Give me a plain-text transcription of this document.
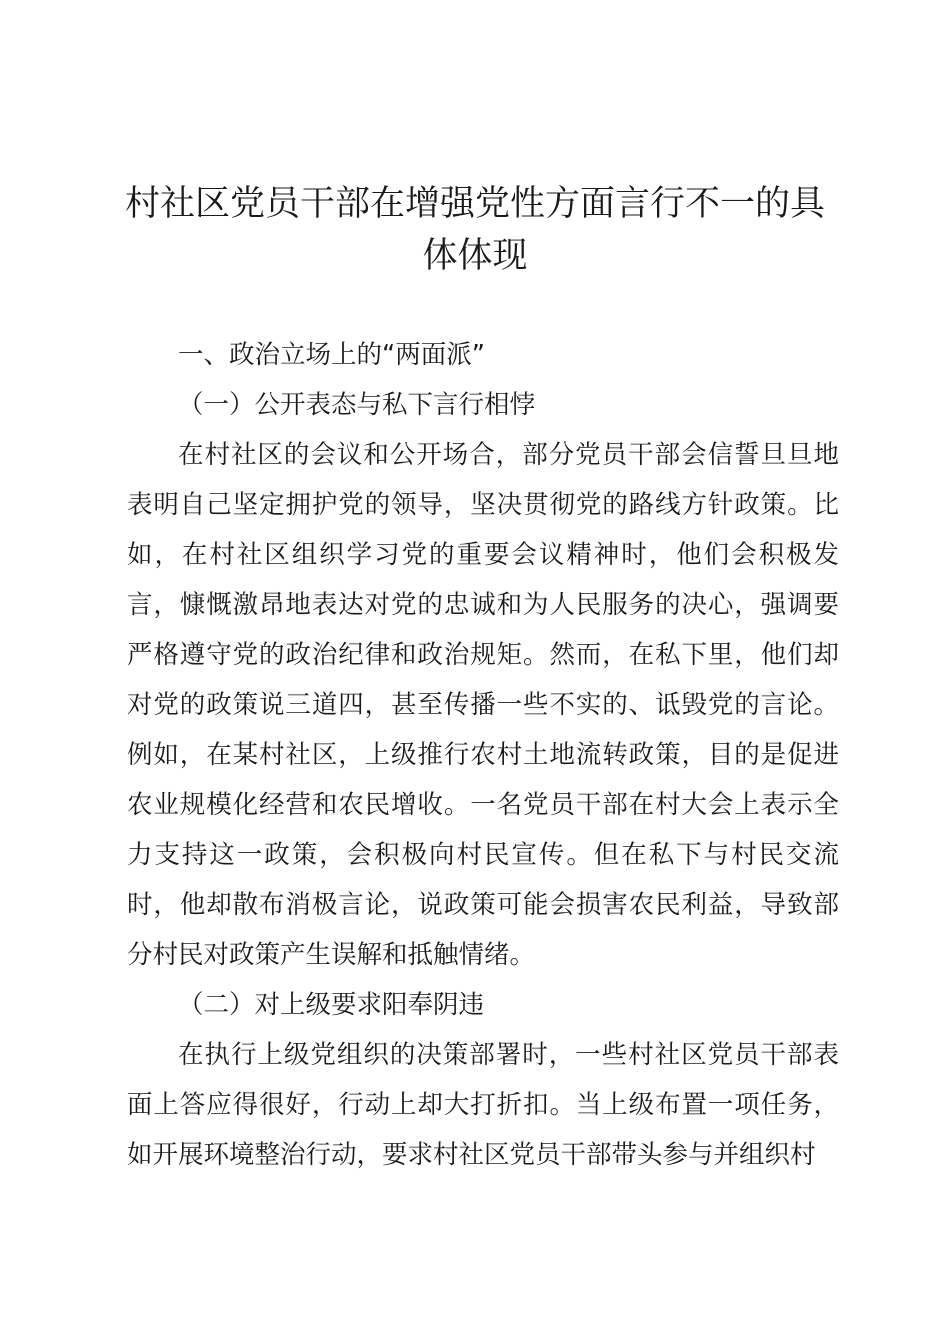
村社区党员干部在增强党性方面言行不一的具体体现

一、政治立场上的“两面派”

（一）公开表态与私下言行相悖

在村社区的会议和公开场合，部分党员干部会信誓旦旦地表明自己坚定拥护党的领导，坚决贯彻党的路线方针政策。比如，在村社区组织学习党的重要会议精神时，他们会积极发言，慷慨激昂地表达对党的忠诚和为人民服务的决心，强调要严格遵守党的政治纪律和政治规矩。然而，在私下里，他们却对党的政策说三道四，甚至传播一些不实的、诋毁党的言论。例如，在某村社区，上级推行农村土地流转政策，目的是促进农业规模化经营和农民增收。一名党员干部在村大会上表示全力支持这一政策，会积极向村民宣传。但在私下与村民交流时，他却散布消极言论，说政策可能会损害农民利益，导致部分村民对政策产生误解和抵触情绪。

（二）对上级要求阳奉阴违

在执行上级党组织的决策部署时，一些村社区党员干部表面上答应得很好，行动上却大打折扣。当上级布置一项任务，如开展环境整治行动，要求村社区党员干部带头参与并组织村
